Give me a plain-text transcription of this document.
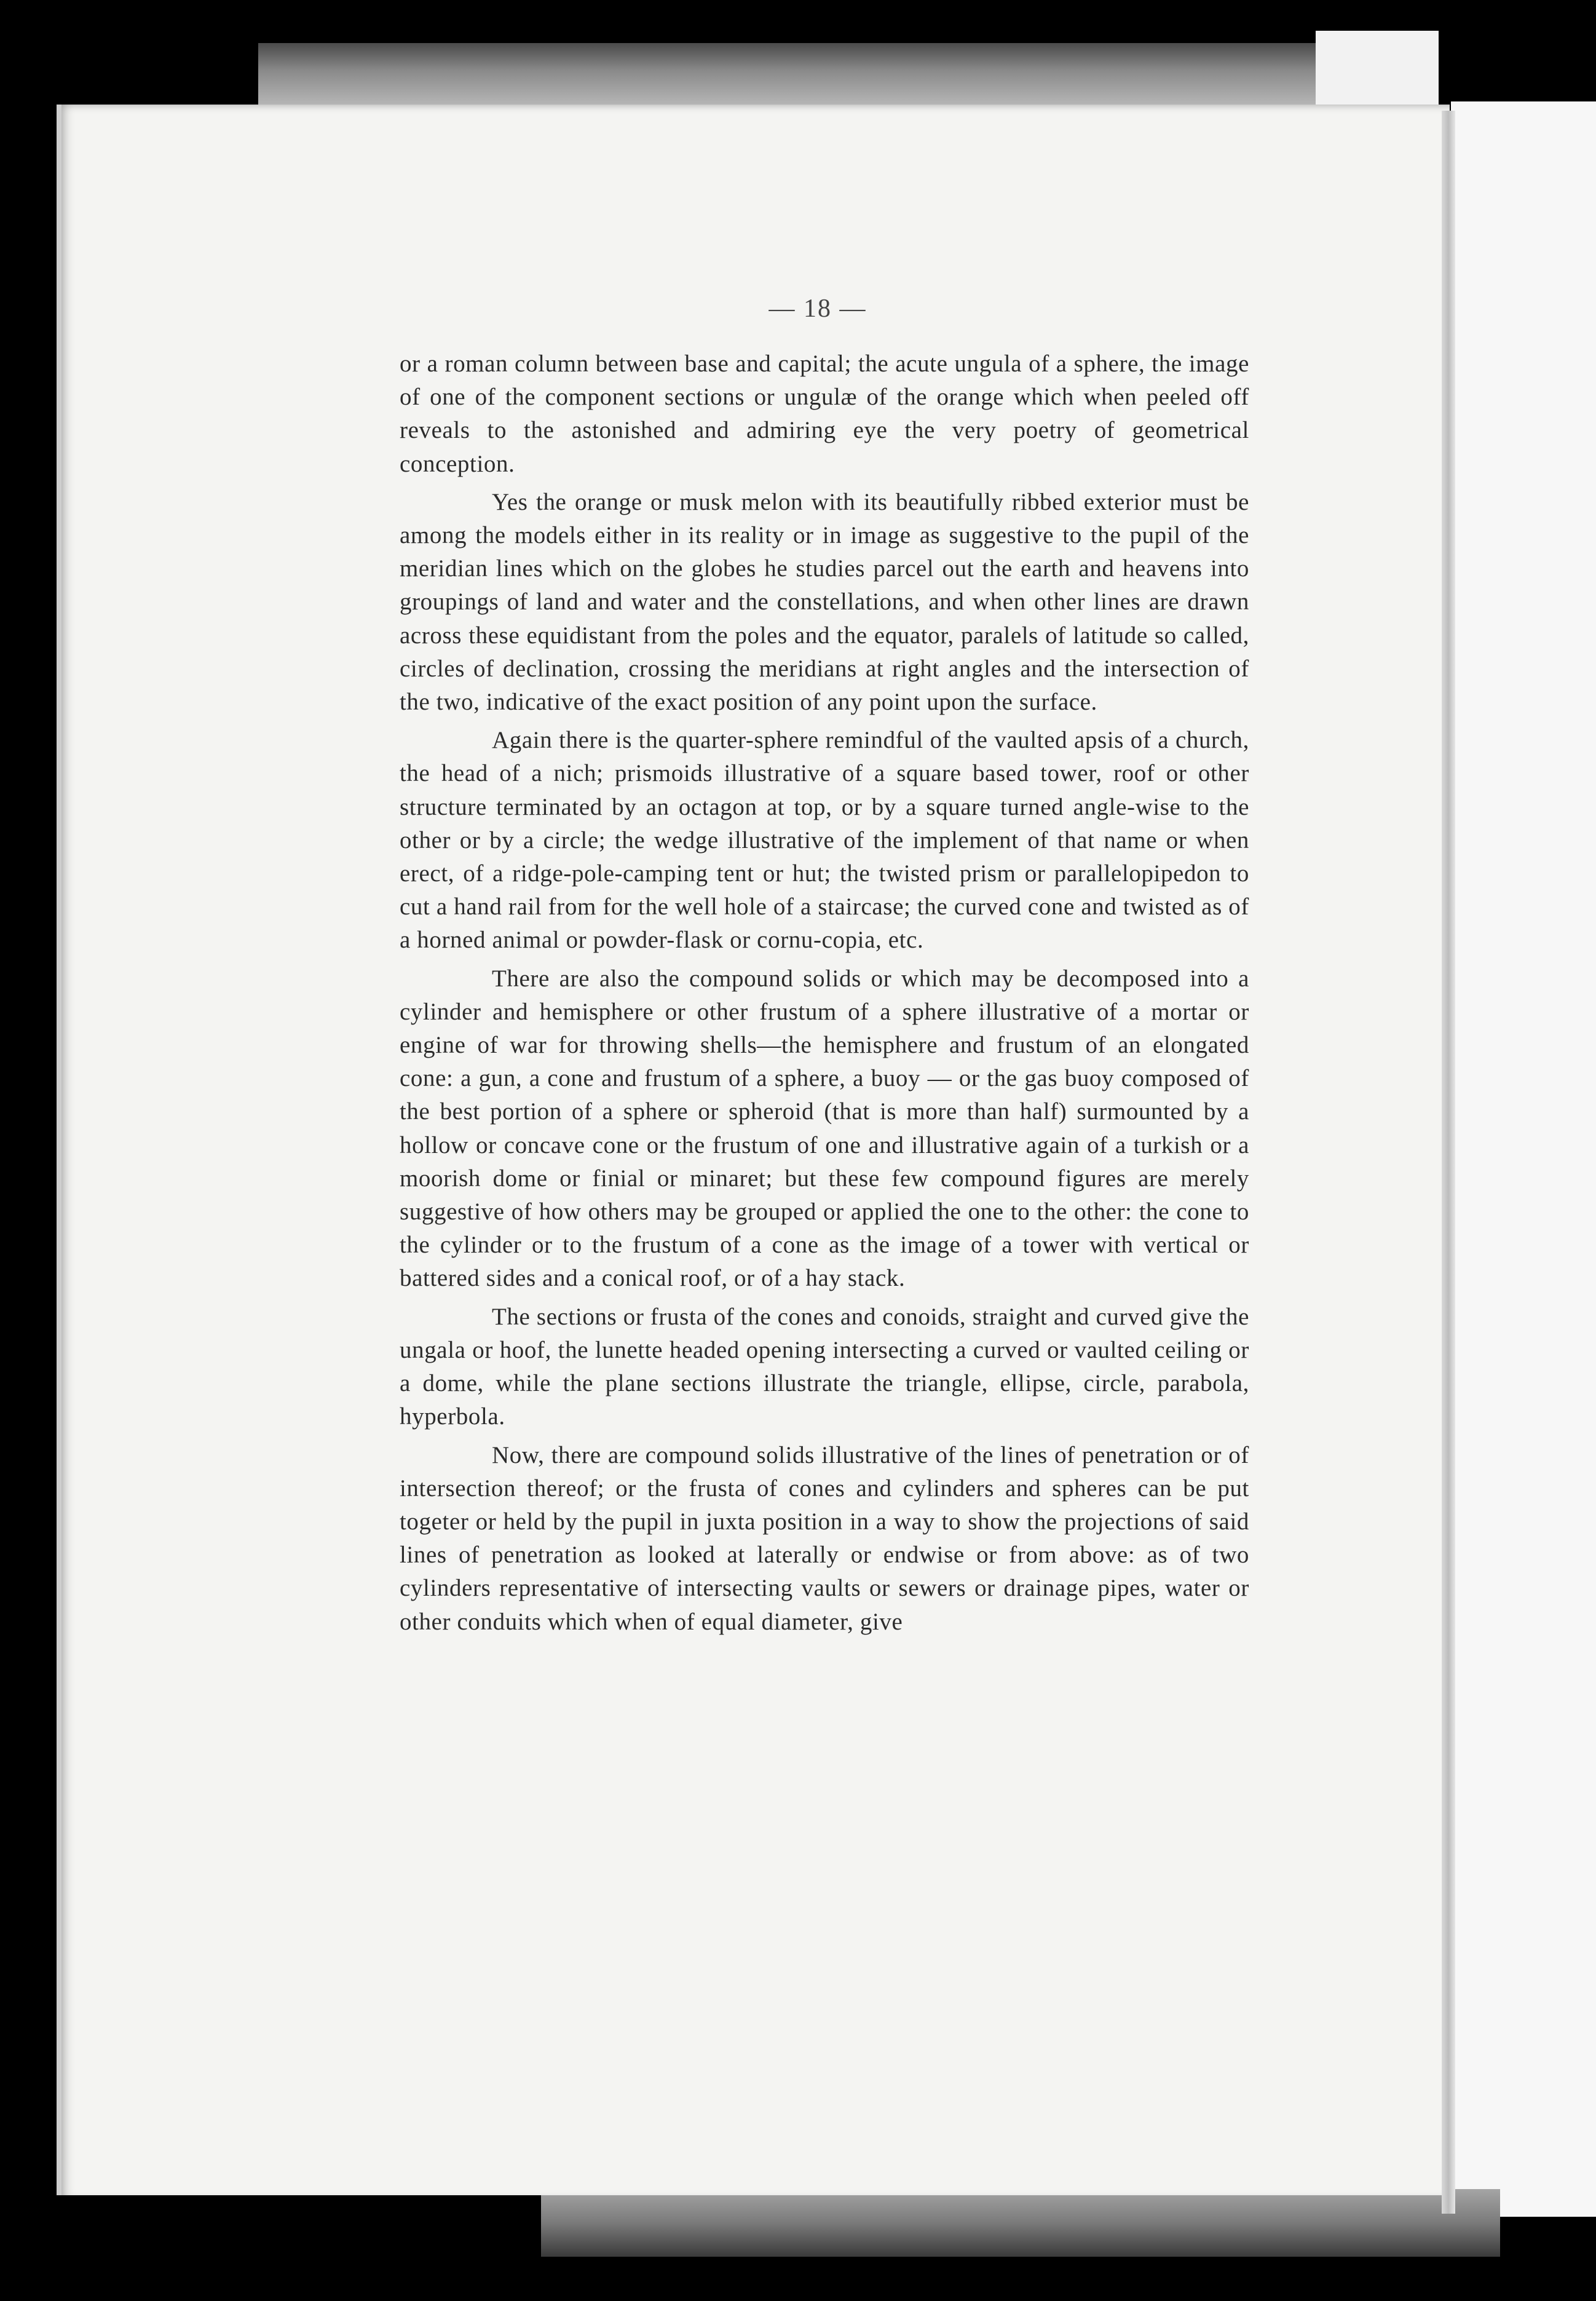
— 18 —

or a roman column between base and capital; the acute ungula of a sphere, the image of one of the component sections or ungulæ of the orange which when peeled off reveals to the astonished and admiring eye the very poetry of geometrical conception.

Yes the orange or musk melon with its beautifully ribbed exterior must be among the models either in its reality or in image as suggestive to the pupil of the meridian lines which on the globes he studies parcel out the earth and heavens into groupings of land and water and the constellations, and when other lines are drawn across these equidistant from the poles and the equator, paralels of latitude so called, circles of declination, crossing the meridians at right angles and the intersection of the two, indicative of the exact position of any point upon the surface.

Again there is the quarter-sphere remindful of the vaulted apsis of a church, the head of a nich; prismoids illustrative of a square based tower, roof or other structure terminated by an octagon at top, or by a square turned angle-wise to the other or by a circle; the wedge illustrative of the implement of that name or when erect, of a ridge-pole-camping tent or hut; the twisted prism or parallelopipedon to cut a hand rail from for the well hole of a staircase; the curved cone and twisted as of a horned animal or powder-flask or cornu-copia, etc.

There are also the compound solids or which may be decomposed into a cylinder and hemisphere or other frustum of a sphere illustrative of a mortar or engine of war for throwing shells—the hemisphere and frustum of an elongated cone: a gun, a cone and frustum of a sphere, a buoy — or the gas buoy composed of the best portion of a sphere or spheroid (that is more than half) surmounted by a hollow or concave cone or the frustum of one and illustrative again of a turkish or a moorish dome or finial or minaret; but these few compound figures are merely suggestive of how others may be grouped or applied the one to the other: the cone to the cylinder or to the frustum of a cone as the image of a tower with vertical or battered sides and a conical roof, or of a hay stack.

The sections or frusta of the cones and conoids, straight and curved give the ungala or hoof, the lunette headed opening intersecting a curved or vaulted ceiling or a dome, while the plane sections illustrate the triangle, ellipse, circle, parabola, hyperbola.

Now, there are compound solids illustrative of the lines of penetration or of intersection thereof; or the frusta of cones and cylinders and spheres can be put togeter or held by the pupil in juxta position in a way to show the projections of said lines of penetration as looked at laterally or endwise or from above: as of two cylinders representative of intersecting vaults or sewers or drainage pipes, water or other conduits which when of equal diameter, give
